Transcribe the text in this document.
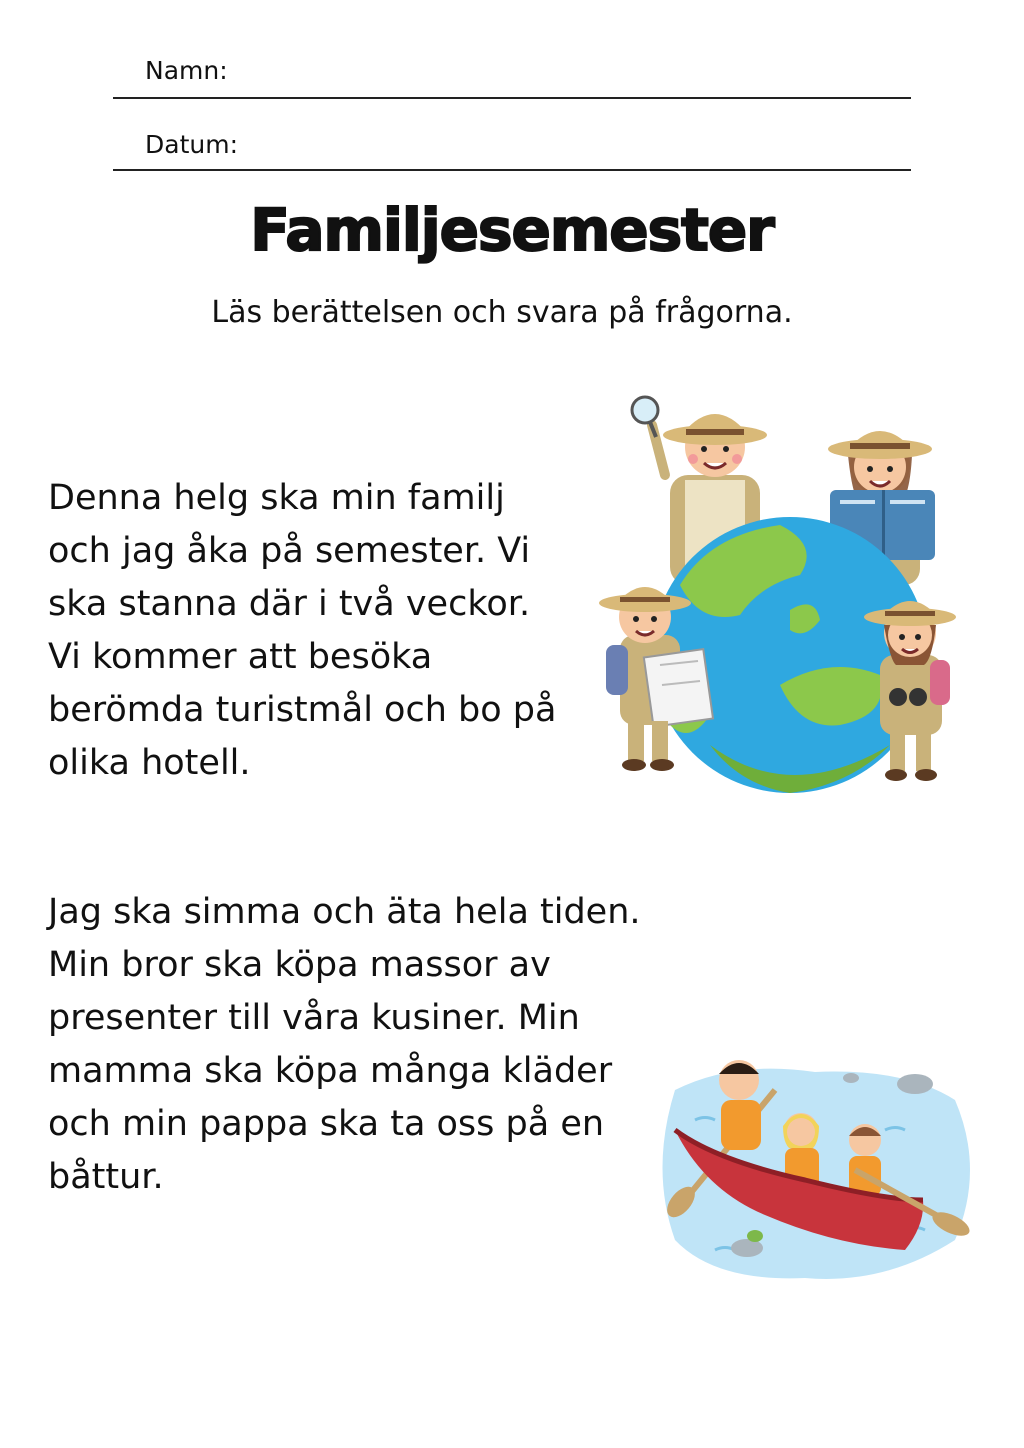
Namn:
Datum:
Familjesemester
Läs berättelsen och svara på frågorna.

Denna helg ska min familj
och jag åka på semester. Vi
ska stanna där i två veckor.
Vi kommer att besöka
berömda turistmål och bo på
olika hotell.

Jag ska simma och äta hela tiden.
Min bror ska köpa massor av
presenter till våra kusiner. Min
mamma ska köpa många kläder
och min pappa ska ta oss på en
båttur.
